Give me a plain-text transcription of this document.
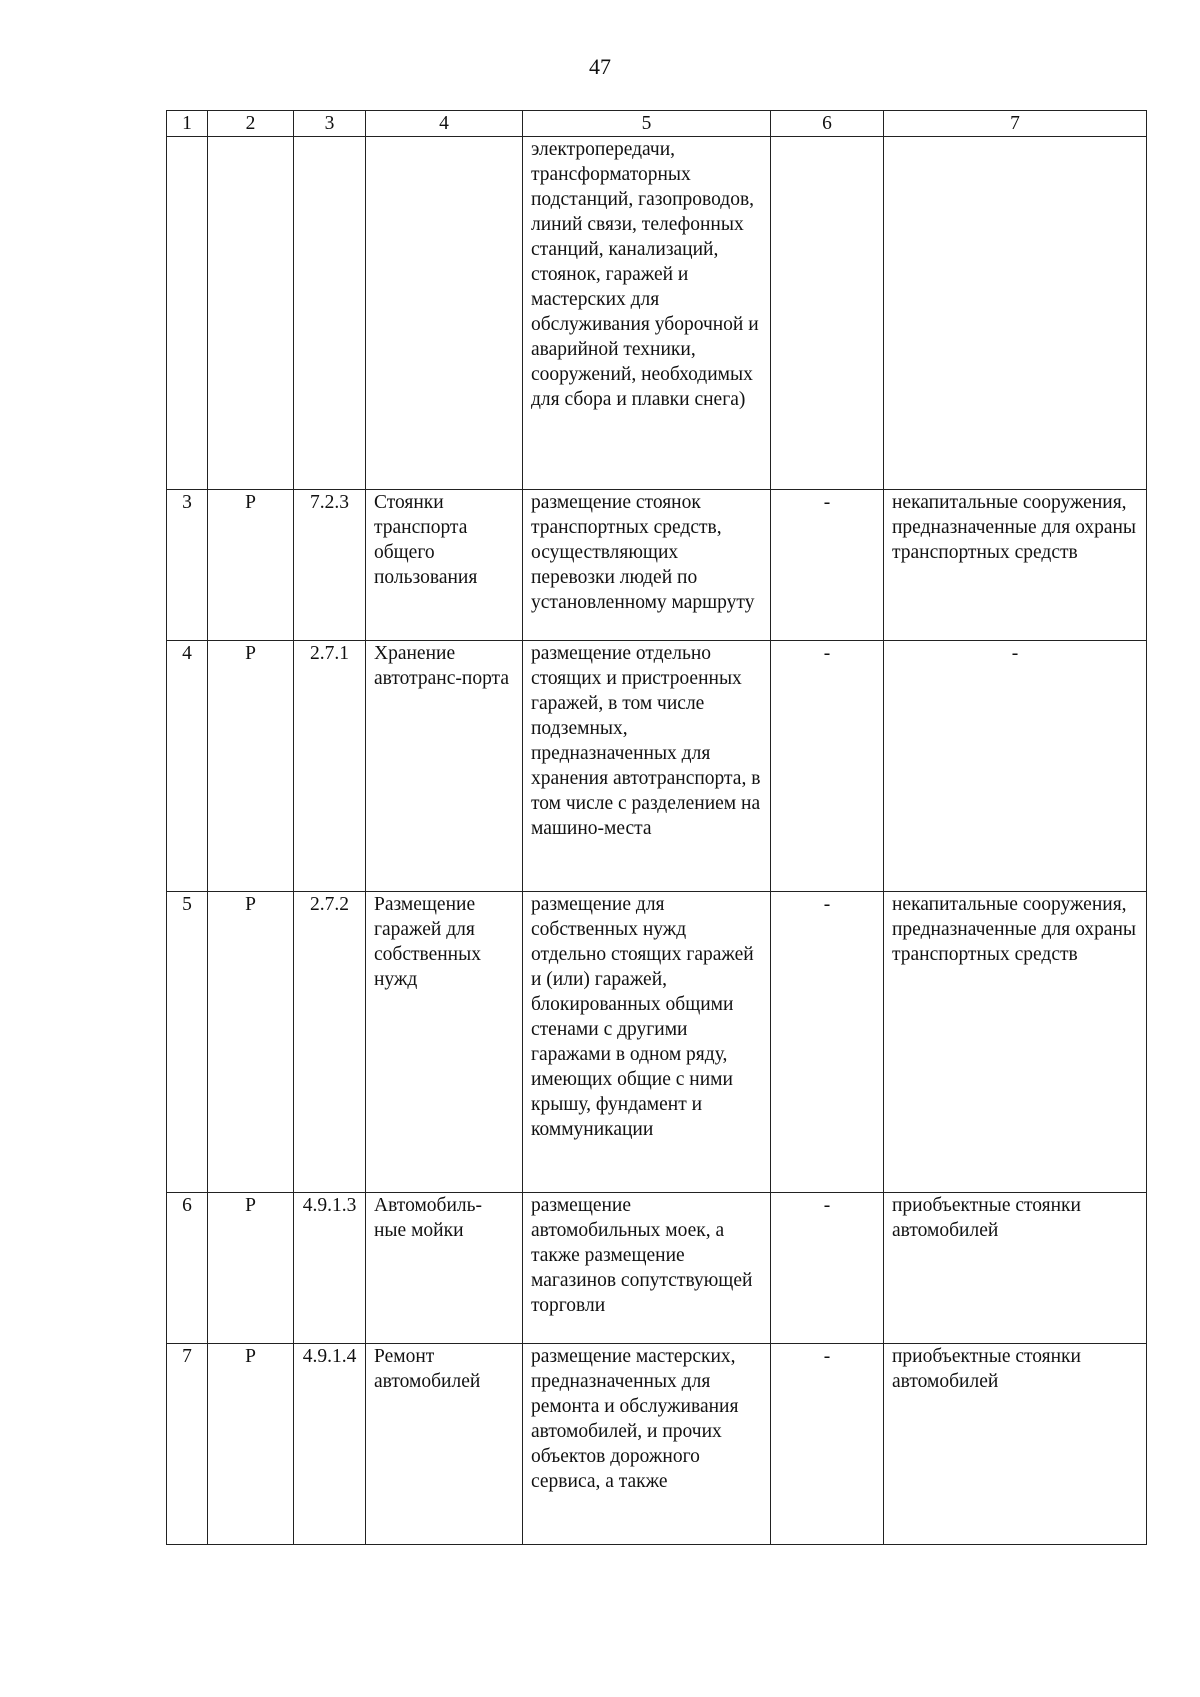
47
1	2	3	4	5	6	7
				электропередачи, трансформаторных подстанций, газопроводов, линий связи, телефонных станций, канализаций, стоянок, гаражей и мастерских для обслуживания уборочной и аварийной техники, сооружений, необходимых для сбора и плавки снега)		
3	Р	7.2.3	Стоянки транспорта общего пользования	размещение стоянок транспортных средств, осуществляющих перевозки людей по установленному маршруту	-	некапитальные сооружения, предназначенные для охраны транспортных средств
4	Р	2.7.1	Хранение автотранс-порта	размещение отдельно стоящих и пристроенных гаражей, в том числе подземных, предназначенных для хранения автотранспорта, в том числе с разделением на машино-места	-	-
5	Р	2.7.2	Размещение гаражей для собственных нужд	размещение для собственных нужд отдельно стоящих гаражей и (или) гаражей, блокированных общими стенами с другими гаражами в одном ряду, имеющих общие с ними крышу, фундамент и коммуникации	-	некапитальные сооружения, предназначенные для охраны транспортных средств
6	Р	4.9.1.3	Автомобиль-ные мойки	размещение автомобильных моек, а также размещение магазинов сопутствующей торговли	-	приобъектные стоянки автомобилей
7	Р	4.9.1.4	Ремонт автомобилей	размещение мастерских, предназначенных для ремонта и обслуживания автомобилей, и прочих объектов дорожного сервиса, а также	-	приобъектные стоянки автомобилей
